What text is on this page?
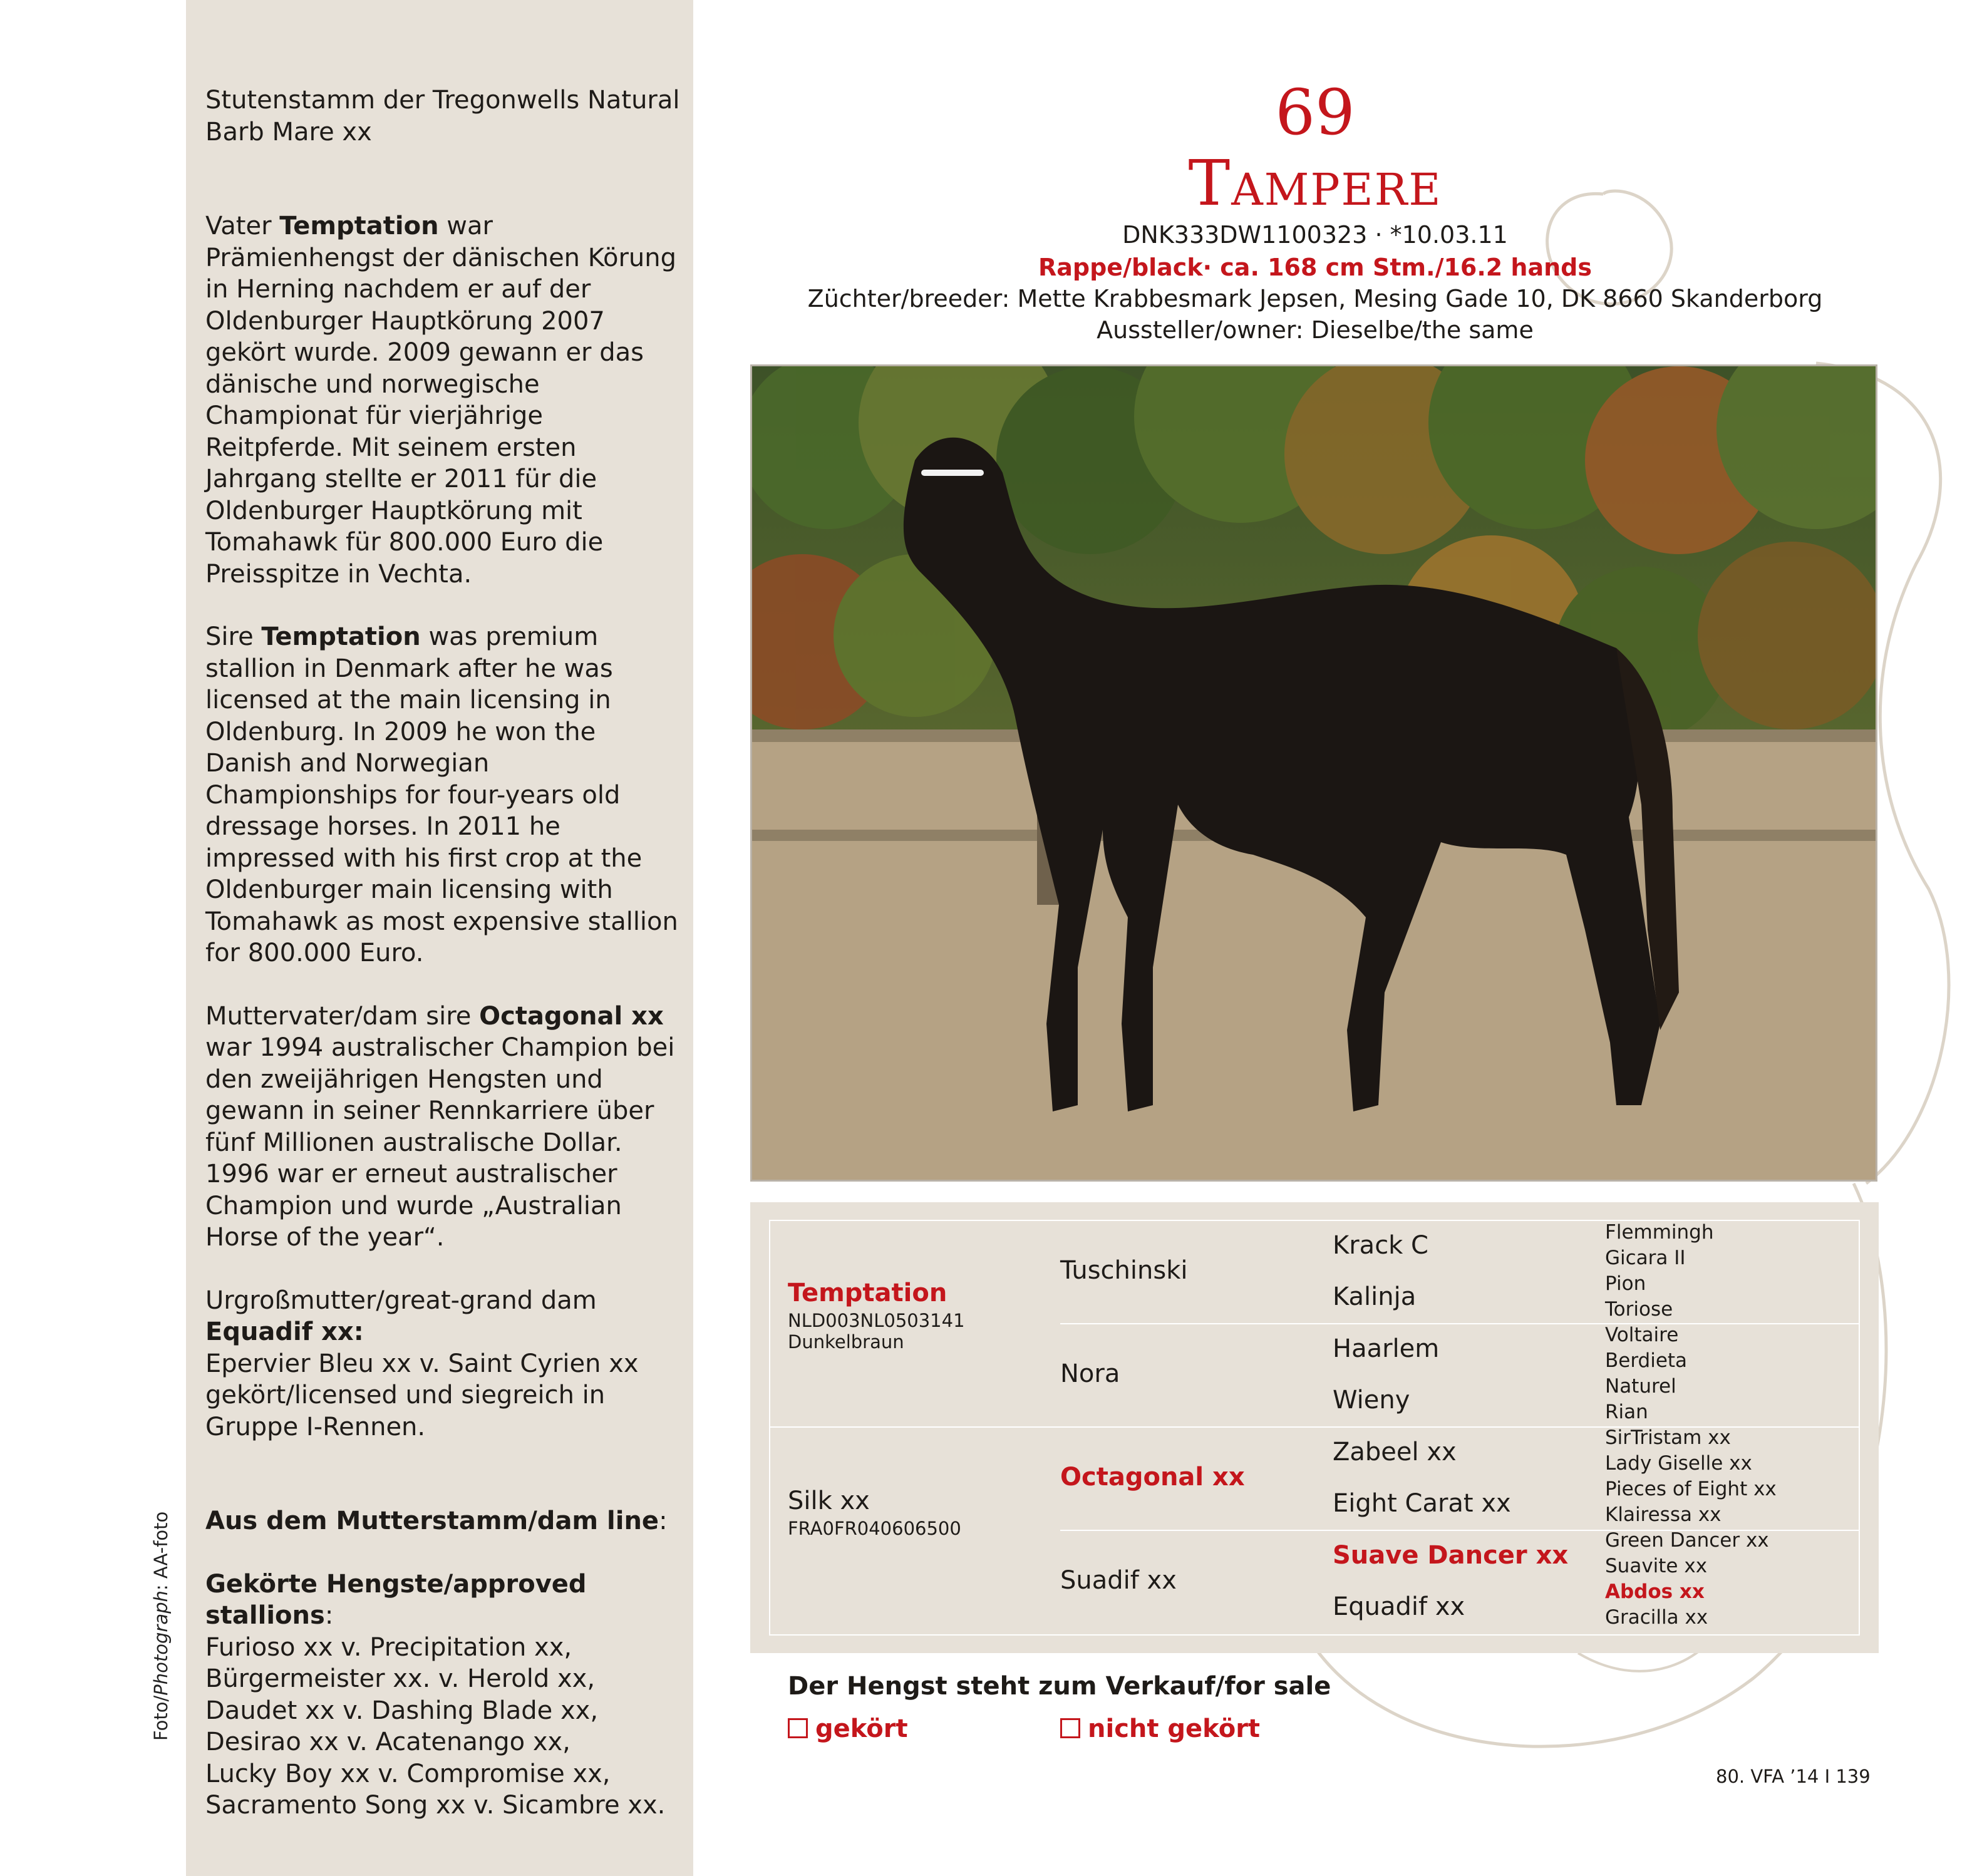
Stutenstamm der Tregonwells Natural Barb Mare xx

Vater Temptation war Prämienhengst der dänischen Körung in Herning nachdem er auf der Oldenburger Hauptkörung 2007 gekört wurde. 2009 gewann er das dänische und norwegische Championat für vierjährige Reitpferde. Mit seinem ersten Jahrgang stellte er 2011 für die Oldenburger Hauptkörung mit Tomahawk für 800.000 Euro die Preisspitze in Vechta.

Sire Temptation was premium stallion in Denmark after he was licensed at the main licensing in Oldenburg. In 2009 he won the Danish and Norwegian Championships for four-years old dressage horses. In 2011 he impressed with his first crop at the Oldenburger main licensing with Tomahawk as most expensive stallion for 800.000 Euro.

Muttervater/dam sire Octagonal xx war 1994 australischer Champion bei den zweijährigen Hengsten und gewann in seiner Rennkarriere über fünf Millionen australische Dollar. 1996 war er erneut australischer Champion und wurde „Australian Horse of the year“.

Urgroßmutter/great-grand dam
Equadif xx:
Epervier Bleu xx v. Saint Cyrien xx gekört/licensed und siegreich in Gruppe I-Rennen.

Aus dem Mutterstamm/dam line:

Gekörte Hengste/approved stallions:

Furioso xx v. Precipitation xx,
Bürgermeister xx. v. Herold xx,
Daudet xx v. Dashing Blade xx,
Desirao xx v. Acatenango xx,
Lucky Boy xx v. Compromise xx,
Sacramento Song xx v. Sicambre xx.

Foto/Photograph: AA-foto
69
Tampere
DNK333DW1100323 · *10.03.11
Rappe/black· ca. 168 cm Stm./16.2 hands
Züchter/breeder: Mette Krabbesmark Jepsen, Mesing Gade 10, DK 8660 Skanderborg
Aussteller/owner: Dieselbe/the same
Temptation
NLD003NL0503141
Dunkelbraun
Silk xx
FRA0FR040606500
Tuschinski
Nora
Octagonal xx
Suadif xx
Krack C
Kalinja
Haarlem
Wieny
Zabeel xx
Eight Carat xx
Suave Dancer xx
Equadif xx
Flemmingh
Gicara II
Pion
Toriose
Voltaire
Berdieta
Naturel
Rian
SirTristam xx
Lady Giselle xx
Pieces of Eight xx
Klairessa xx
Green Dancer xx
Suavite xx
Abdos xx
Gracilla xx
Der Hengst steht zum Verkauf/for sale
gekört	nicht gekört
80. VFA ’14 I 139
